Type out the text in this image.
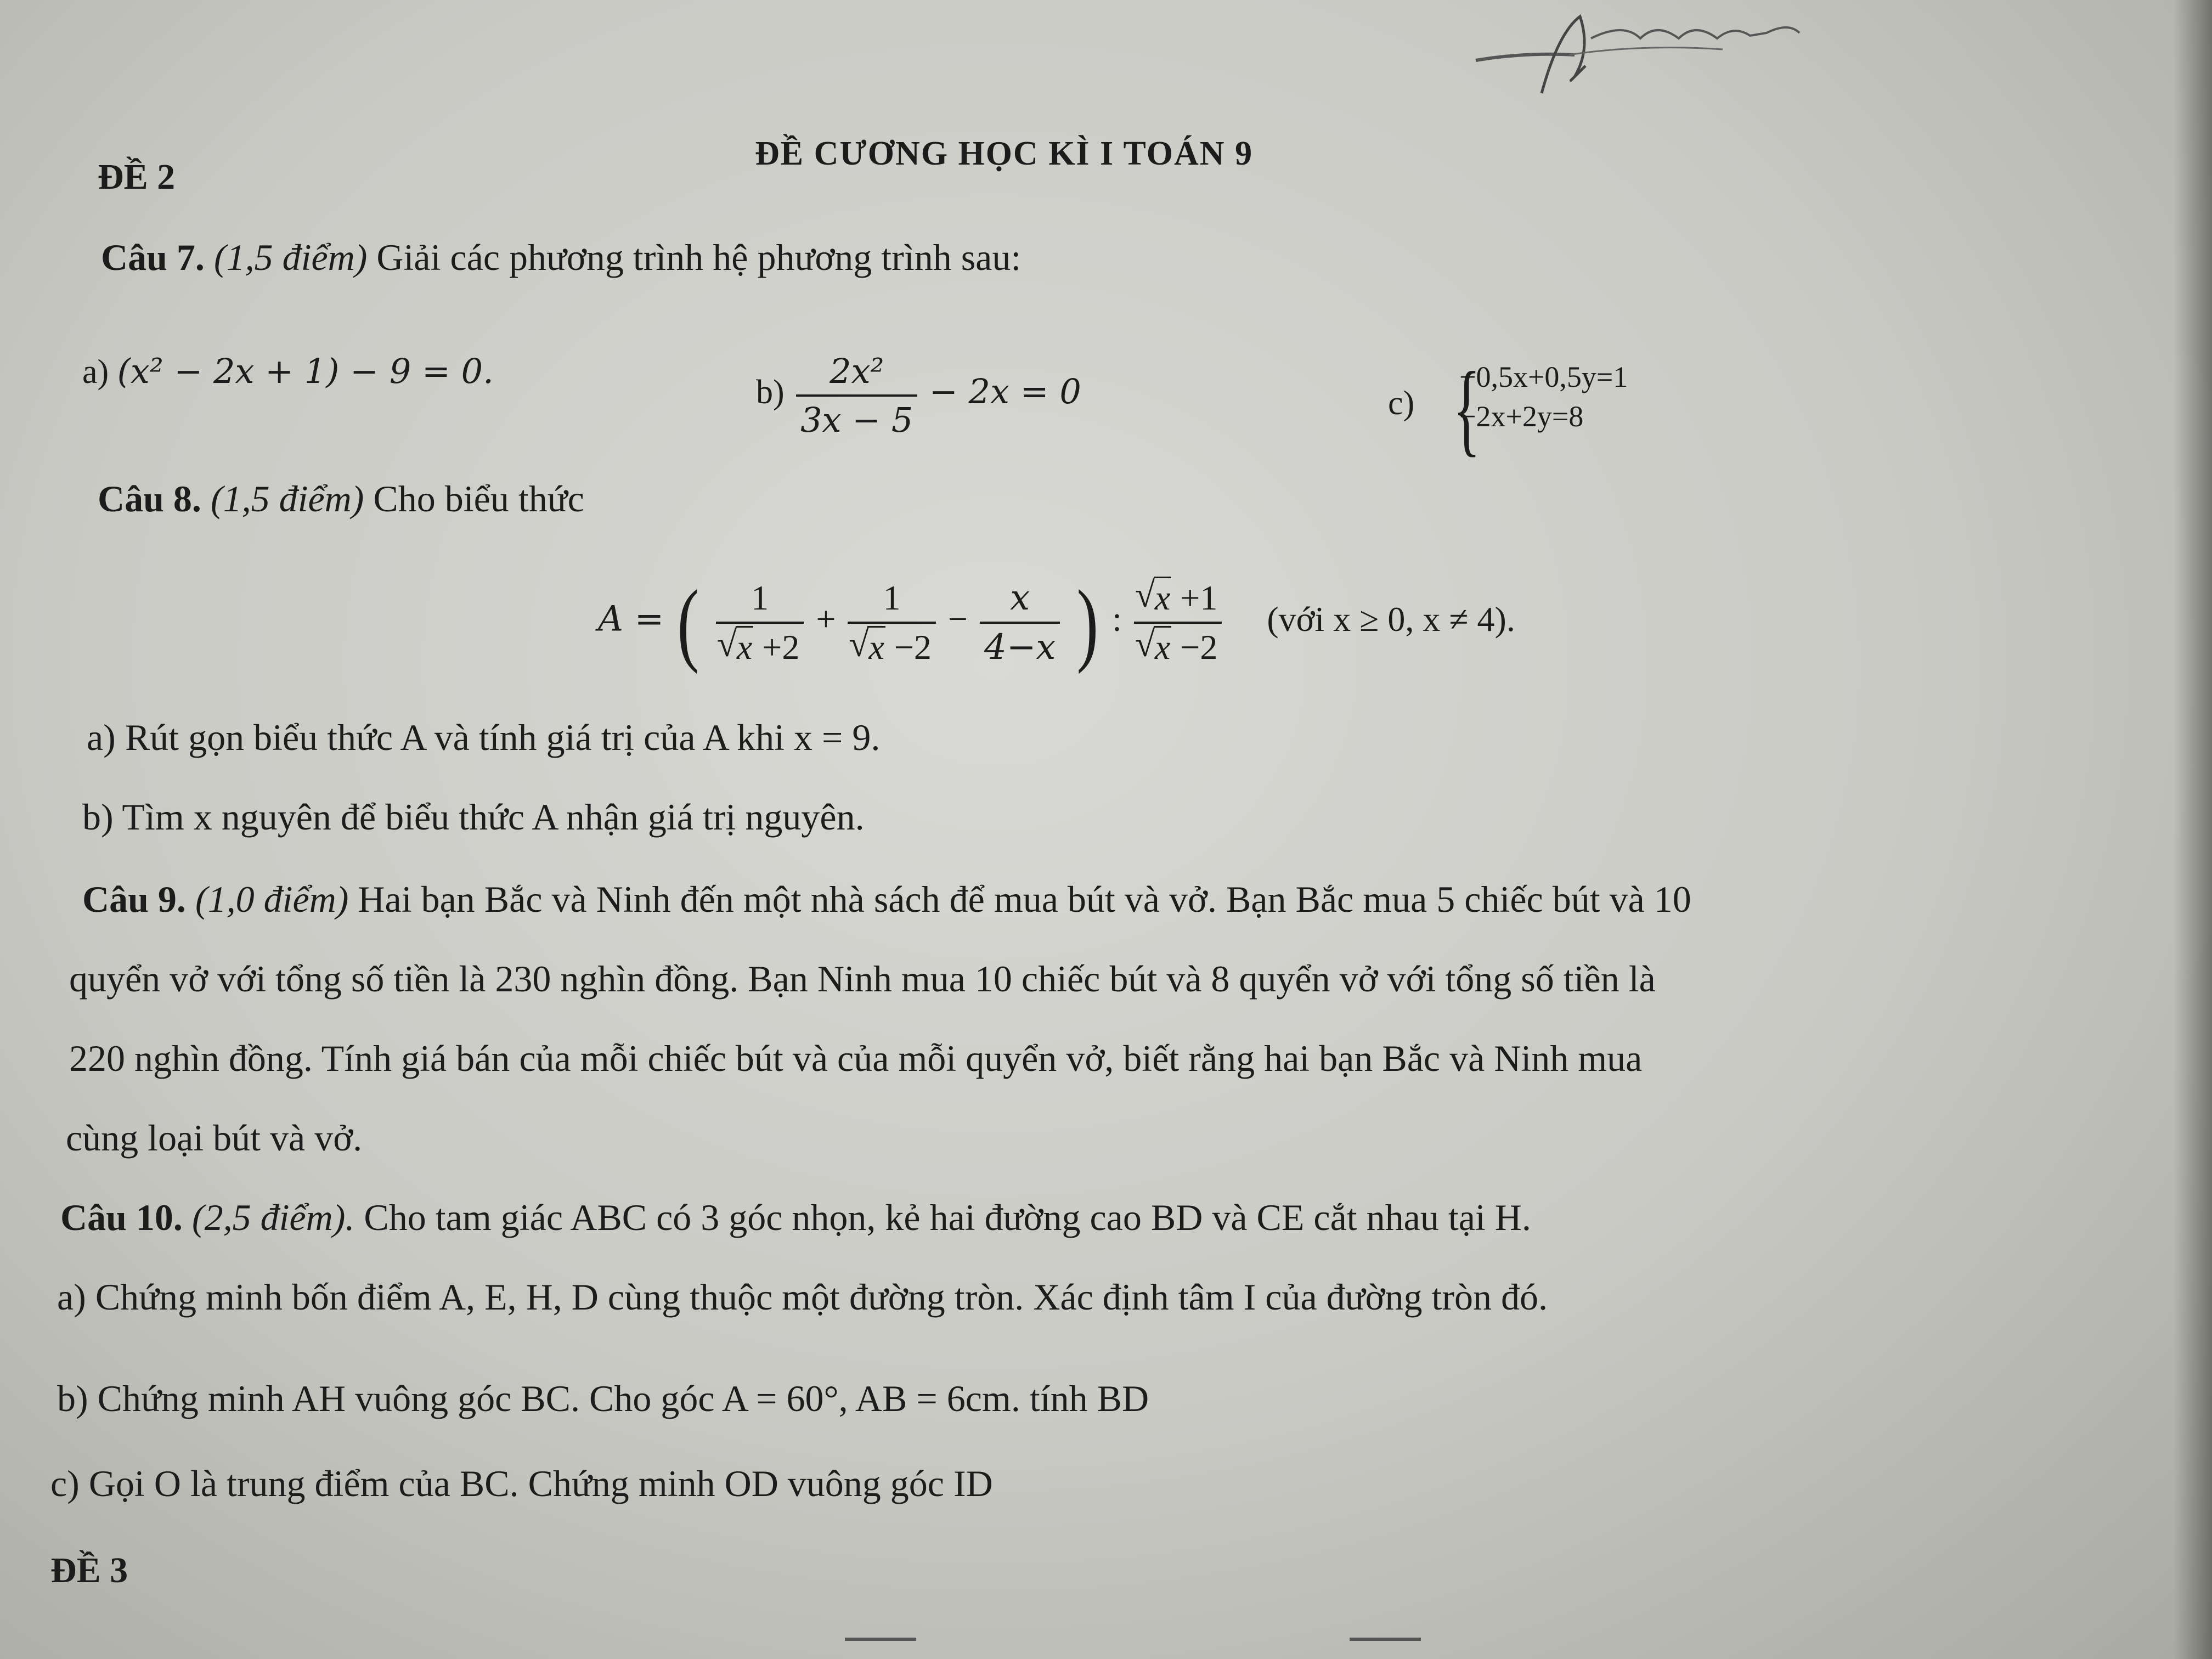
ĐỀ CƯƠNG HỌC KÌ I TOÁN 9
ĐỀ 2
Câu 7. (1,5 điểm) Giải các phương trình hệ phương trình sau:
a) (x² − 2x + 1) − 9 = 0.
$b) \frac{\text{2x²}}{3x - 5} - 2x = 0$	c) {
−0,5x+0,5y=1
−2x+2y=8
Câu 8. (1,5 điểm) Cho biểu thức
A = ( 1
√ x +2 + 1
√ $x -2 - \frac{x}{4-x}$ ) :
√ x +1
√ x −2 (với x ≥ 0, x ≠ 4).
a) Rút gọn biểu thức A và tính giá trị của A khi x = 9.
b) Tìm x nguyên để biểu thức A nhận giá trị nguyên.
Câu 9. (1,0 điểm) Hai bạn Bắc và Ninh đến một nhà sách để mua bút và vở. Bạn Bắc mua 5 chiếc bút và 10
quyển vở với tổng số tiền là 230 nghìn đồng. Bạn Ninh mua 10 chiếc bút và 8 quyển vở với tổng số tiền là
220 nghìn đồng. Tính giá bán của mỗi chiếc bút và của mỗi quyển vở, biết rằng hai bạn Bắc và Ninh mua
cùng loại bút và vở.
Câu 10. (2,5 điểm). Cho tam giác ABC có 3 góc nhọn, kẻ hai đường cao BD và CE cắt nhau tại H.
a) Chứng minh bốn điểm A, E, H, D cùng thuộc một đường tròn. Xác định tâm I của đường tròn đó.
b) Chứng minh AH vuông góc BC. Cho góc A = 60°, AB = 6cm. tính BD
c) Gọi O là trung điểm của BC. Chứng minh OD vuông góc ID
ĐỀ 3
